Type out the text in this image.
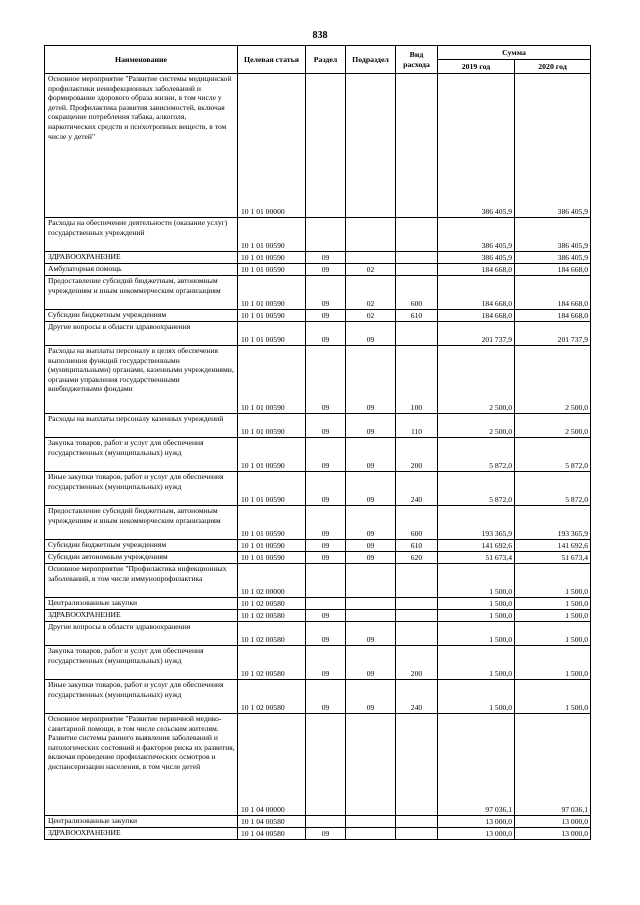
838
Наименование	Целевая статья	Раздел	Подраздел	Вид расхода	Сумма	
					2019 год	2020 год
Основное мероприятие "Развитие системы медицинской профилактики неинфекционных заболеваний и формирование здорового образа жизни, в том числе у детей. Профилактика развития зависимостей, включая сокращение потребления табака, алкоголя, наркотических средств и психотропных веществ, в том числе у детей"	10 1 01 00000				386 405,9	386 405,9
Расходы на обеспечение деятельности (оказание услуг) государственных учреждений	10 1 01 00590				386 405,9	386 405,9
ЗДРАВООХРАНЕНИЕ	10 1 01 00590	09			386 405,9	386 405,9
Амбулаторная помощь	10 1 01 00590	09	02		184 668,0	184 668,0
Предоставление субсидий бюджетным, автономным учреждениям и иным некоммерческим организациям	10 1 01 00590	09	02	600	184 668,0	184 668,0
Субсидии бюджетным учреждениям	10 1 01 00590	09	02	610	184 668,0	184 668,0
Другие вопросы в области здравоохранения	10 1 01 00590	09	09		201 737,9	201 737,9
Расходы на выплаты персоналу в целях обеспечения выполнения функций государственными (муниципальными) органами, казенными учреждениями, органами управления государственными внебюджетными фондами	10 1 01 00590	09	09	100	2 500,0	2 500,0
Расходы на выплаты персоналу казенных учреждений	10 1 01 00590	09	09	110	2 500,0	2 500,0
Закупка товаров, работ и услуг для обеспечения государственных (муниципальных) нужд	10 1 01 00590	09	09	200	5 872,0	5 872,0
Иные закупки товаров, работ и услуг для обеспечения государственных (муниципальных) нужд	10 1 01 00590	09	09	240	5 872,0	5 872,0
Предоставление субсидий бюджетным, автономным учреждениям и иным некоммерческим организациям	10 1 01 00590	09	09	600	193 365,9	193 365,9
Субсидии бюджетным учреждениям	10 1 01 00590	09	09	610	141 692,6	141 692,6
Субсидии автономным учреждениям	10 1 01 00590	09	09	620	51 673,4	51 673,4
Основное мероприятие "Профилактика инфекционных заболеваний, в том числе иммунопрофилактика	10 1 02 00000				1 500,0	1 500,0
Централизованные закупки	10 1 02 00580				1 500,0	1 500,0
ЗДРАВООХРАНЕНИЕ	10 1 02 00580	09			1 500,0	1 500,0
Другие вопросы в области здравоохранения	10 1 02 00580	09	09		1 500,0	1 500,0
Закупка товаров, работ и услуг для обеспечения государственных (муниципальных) нужд	10 1 02 00580	09	09	200	1 500,0	1 500,0
Иные закупки товаров, работ и услуг для обеспечения государственных (муниципальных) нужд	10 1 02 00580	09	09	240	1 500,0	1 500,0
Основное мероприятие "Развитие первичной медико-санитарной помощи, в том числе сельским жителям. Развитие системы раннего выявления заболеваний и патологических состояний и факторов риска их развития, включая проведение профилактических осмотров и диспансеризации населения, в том числе детей	10 1 04 00000				97 036,1	97 036,1
Централизованные закупки	10 1 04 00580				13 000,0	13 000,0
ЗДРАВООХРАНЕНИЕ	10 1 04 00580	09			13 000,0	13 000,0
